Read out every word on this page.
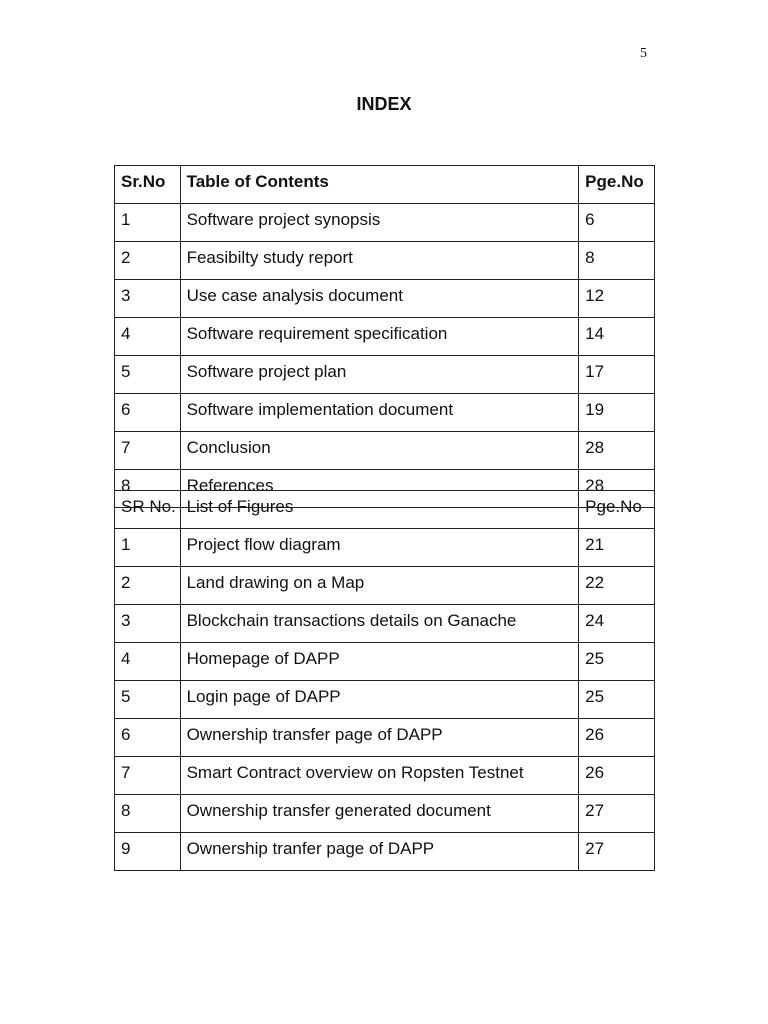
5
INDEX
Sr.No	Table of Contents	Pge.No
1	Software project synopsis	6
2	Feasibilty study report	8
3	Use case analysis document	12
4	Software requirement specification	14
5	Software project plan	17
6	Software implementation document	19
7	Conclusion	28
8	References	28
SR No.	List of Figures	Pge.No
1	Project flow diagram	21
2	Land drawing on a Map	22
3	Blockchain transactions details on Ganache	24
4	Homepage of DAPP	25
5	Login page of DAPP	25
6	Ownership transfer page of DAPP	26
7	Smart Contract overview on Ropsten Testnet	26
8	Ownership transfer generated document	27
9	Ownership tranfer page of DAPP	27
